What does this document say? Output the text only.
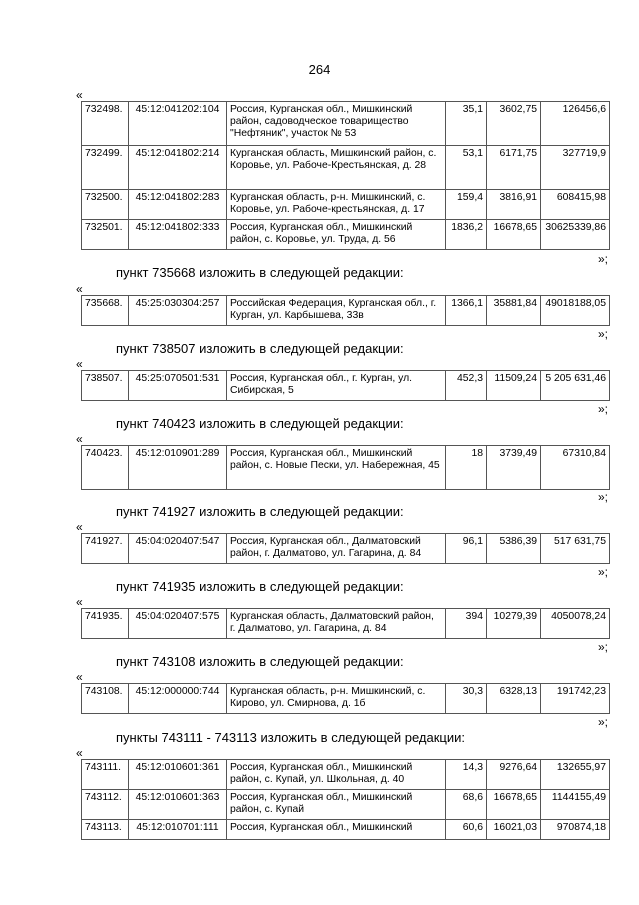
264
«
732498.	45:12:041202:104	Россия, Курганская обл., Мишкинский район, садоводческое товарищество "Нефтяник", участок № 53	35,1	3602,75	126456,6
732499.	45:12:041802:214	Курганская область, Мишкинский район, с. Коровье, ул. Рабоче-Крестьянская, д. 28	53,1	6171,75	327719,9
732500.	45:12:041802:283	Курганская область, р-н. Мишкинский, с. Коровье, ул. Рабоче-крестьянская, д. 17	159,4	3816,91	608415,98
732501.	45:12:041802:333	Россия, Курганская обл., Мишкинский район, с. Коровье, ул. Труда, д. 56	1836,2	16678,65	30625339,86
»;
пункт 735668 изложить в следующей редакции:
«
735668.	45:25:030304:257	Российская Федерация, Курганская обл., г. Курган, ул. Карбышева, 33в	1366,1	35881,84	49018188,05
»;
пункт 738507 изложить в следующей редакции:
«
738507.	45:25:070501:531	Россия, Курганская обл., г. Курган, ул. Сибирская, 5	452,3	11509,24	5 205 631,46
»;
пункт 740423 изложить в следующей редакции:
«
740423.	45:12:010901:289	Россия, Курганская обл., Мишкинский район, с. Новые Пески, ул. Набережная, 45	18	3739,49	67310,84
»;
пункт 741927 изложить в следующей редакции:
«
741927.	45:04:020407:547	Россия, Курганская обл., Далматовский район, г. Далматово, ул. Гагарина, д. 84	96,1	5386,39	517 631,75
»;
пункт 741935 изложить в следующей редакции:
«
741935.	45:04:020407:575	Курганская область, Далматовский район, г. Далматово, ул. Гагарина, д. 84	394	10279,39	4050078,24
»;
пункт 743108 изложить в следующей редакции:
«
743108.	45:12:000000:744	Курганская область, р-н. Мишкинский, с. Кирово, ул. Смирнова, д. 1б	30,3	6328,13	191742,23
»;
пункты 743111 - 743113 изложить в следующей редакции:
«
743111.	45:12:010601:361	Россия, Курганская обл., Мишкинский район, с. Купай, ул. Школьная, д. 40	14,3	9276,64	132655,97
743112.	45:12:010601:363	Россия, Курганская обл., Мишкинский район, с. Купай	68,6	16678,65	1144155,49
743113.	45:12:010701:111	Россия, Курганская обл., Мишкинский	60,6	16021,03	970874,18
